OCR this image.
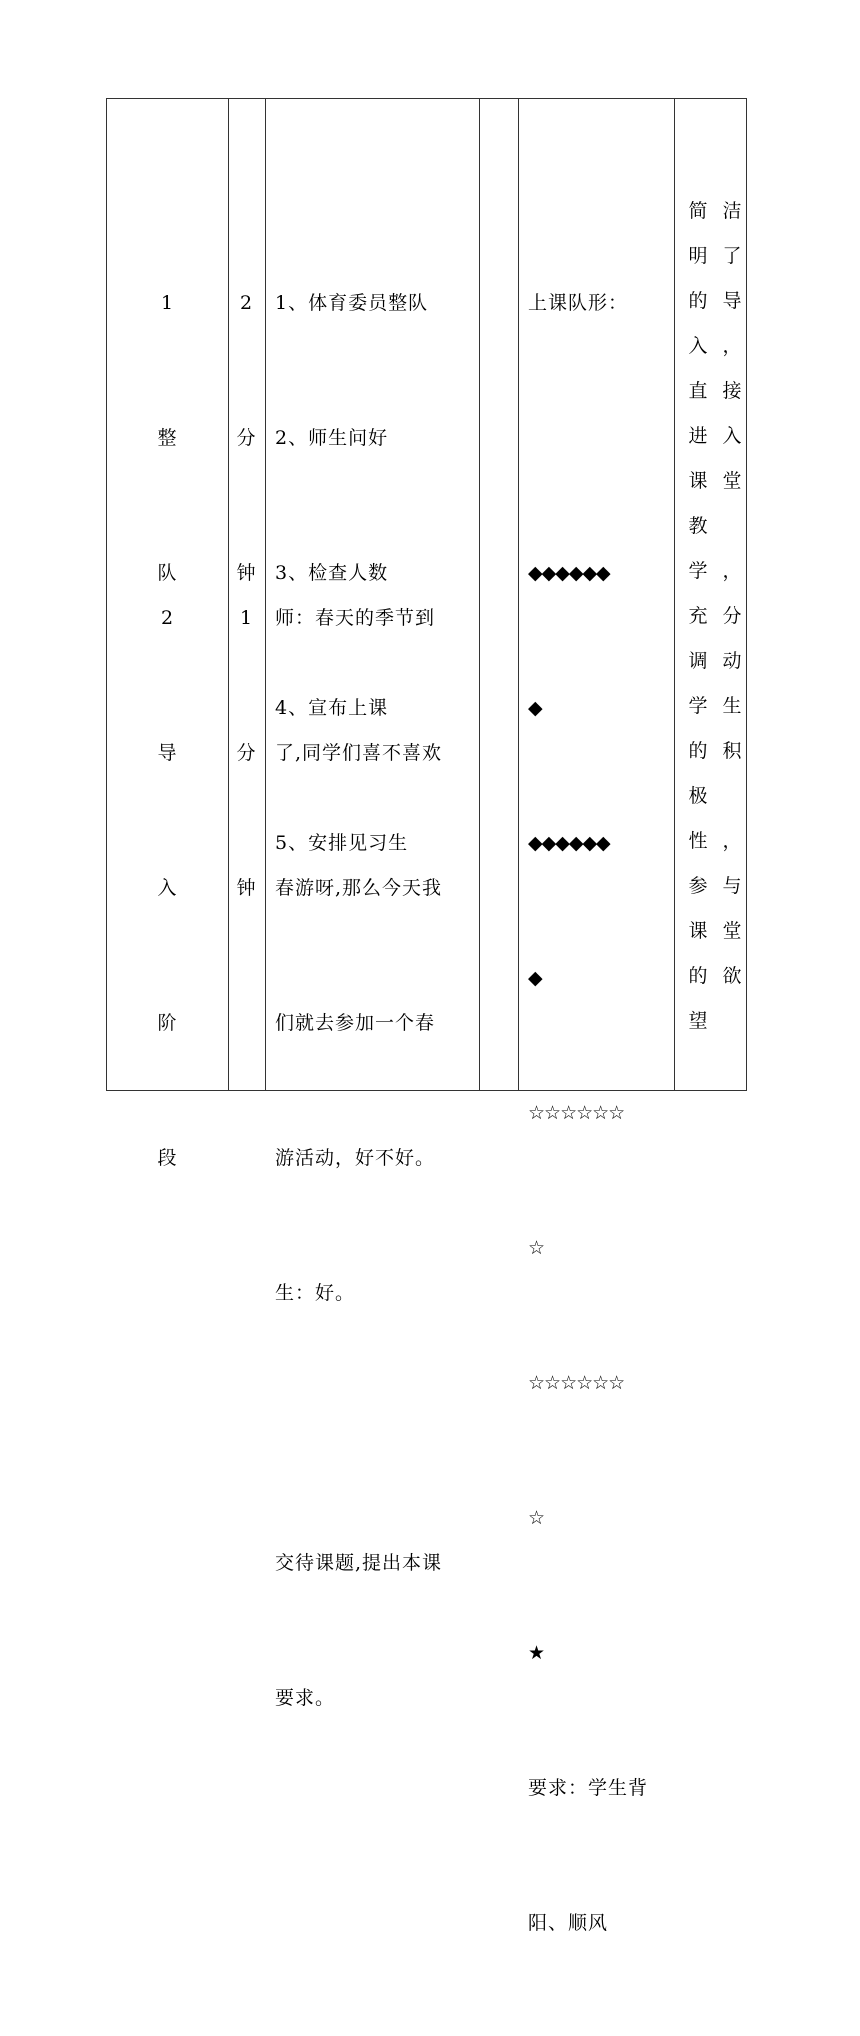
1

整

队

2

分

钟

1、体育委员整队

2、师生问好

3、检查人数

4、宣布上课

5、安排见习生

2

导

入

阶

段

1

分

钟

师：春天的季节到

了,同学们喜不喜欢

春游呀,那么今天我

们就去参加一个春

游活动，好不好。

生：好。

交待课题,提出本课

要求。

上课队形：

◆◆◆◆◆◆

◆

◆◆◆◆◆◆

◆

☆☆☆☆☆☆

☆

☆☆☆☆☆☆

☆

★

要求：学生背

阳、顺风

简 洁
明 了
的 导
入 ，
直 接
进 入
课 堂
教
学 ，
充 分
调 动
学 生
的 积
极
性 ，
参 与
课 堂
的 欲
望
